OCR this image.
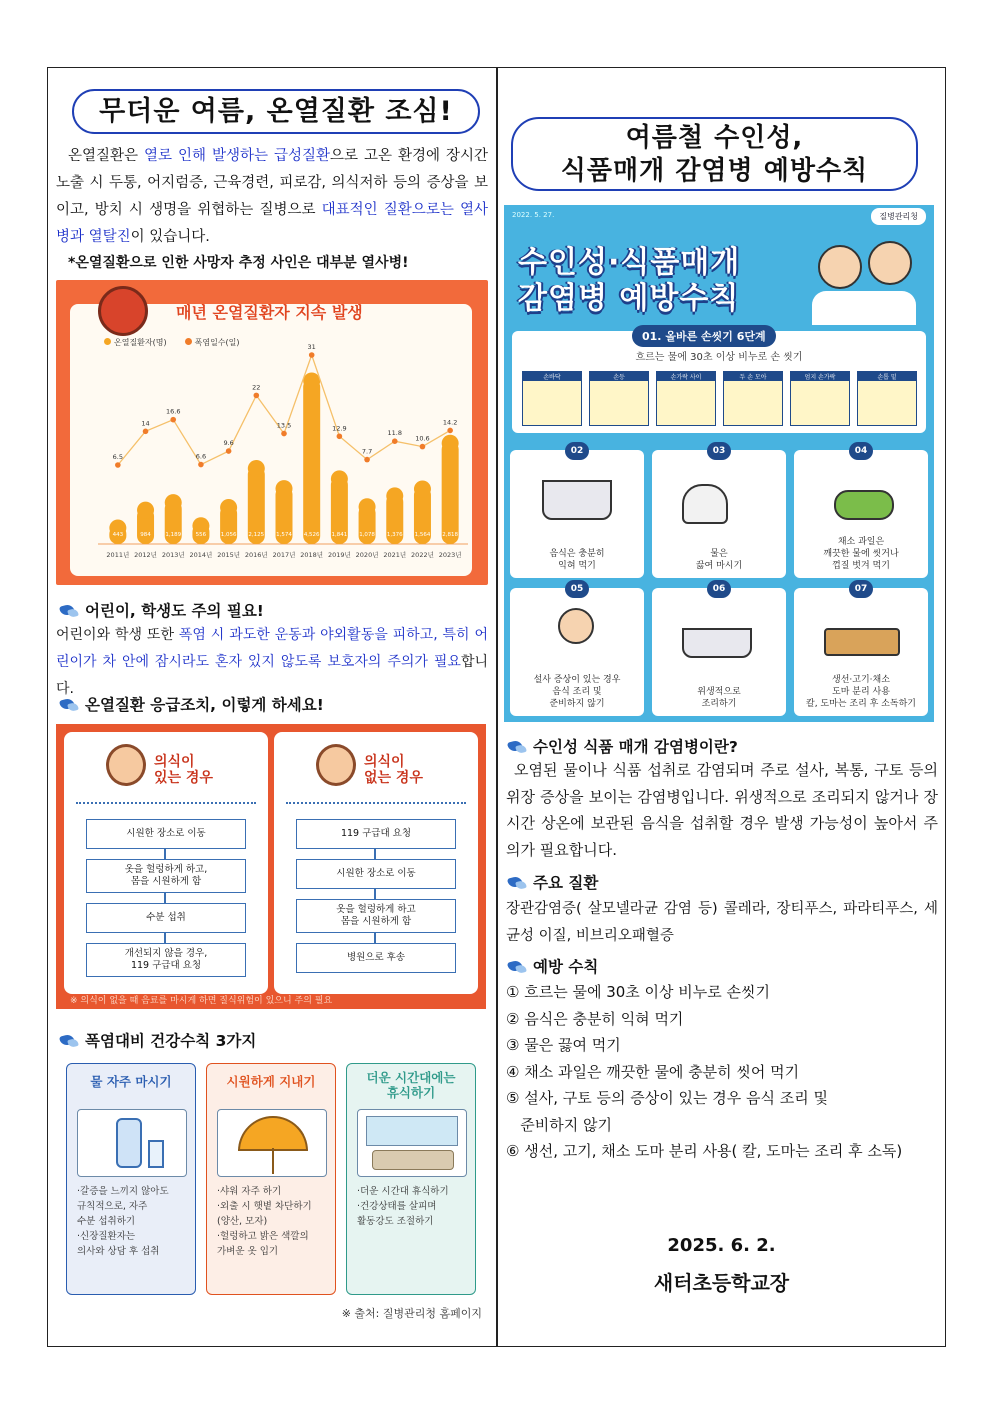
무더운 여름, 온열질환 조심!
온열질환은 열로 인해 발생하는 급성질환으로 고온 환경에 장시간 노출 시 두통, 어지럼증, 근육경련, 피로감, 의식저하 등의 증상을 보이고, 방치 시 생명을 위협하는 질병으로 대표적인 질환으로는 열사병과 열탈진이 있습니다.
*온열질환으로 인한 사망자 추정 사인은 대부분 열사병!
매년 온열질환자 지속 발생
온열질환자(명)	폭염일수(일)
443
2011년
984
2012년
1,189
2013년
556
2014년
1,056
2015년
2,125
2016년
1,574
2017년
4,526
2018년
1,841
2019년
1,078
2020년
1,376
2021년
1,564
2022년
2,818
2023년
6.5
14
16.6
6.6
9.6
22
13.5
31
12.9
7.7
11.8
10.6
14.2
어린이, 학생도 주의 필요!
어린이와 학생 또한 폭염 시 과도한 운동과 야외활동을 피하고, 특히 어린이가 차 안에 잠시라도 혼자 있지 않도록 보호자의 주의가 필요합니다.
온열질환 응급조치, 이렇게 하세요!
의식이
있는 경우
시원한 장소로 이동
옷을 헐렁하게 하고,
몸을 시원하게 함
수분 섭취
개선되지 않을 경우,
119 구급대 요청
의식이
없는 경우
119 구급대 요청
시원한 장소로 이동
옷을 헐렁하게 하고
몸을 시원하게 함
병원으로 후송
※ 의식이 없을 때 음료를 마시게 하면 질식위험이 있으니 주의 필요
폭염대비 건강수칙 3가지
물 자주 마시기
·갈증을 느끼지 않아도
규칙적으로, 자주
수분 섭취하기
·신장질환자는
의사와 상담 후 섭취
시원하게 지내기
·샤워 자주 하기
·외출 시 햇볕 차단하기
(양산, 모자)
·헐렁하고 밝은 색깔의
가벼운 옷 입기
더운 시간대에는
휴식하기
·더운 시간대 휴식하기
·건강상태를 살피며
활동강도 조절하기
※ 출처: 질병관리청 홈페이지
여름철 수인성,
식품매개 감염병 예방수칙
2022. 5. 27.	질병관리청
수인성·식품매개
감염병 예방수칙
01. 올바른 손씻기 6단계
흐르는 물에 30초 이상 비누로 손 씻기
손바닥	손등	손가락 사이	두 손 모아	엄지 손가락	손톱 밑
02
음식은 충분히
익혀 먹기
03
물은
끓여 마시기
04
채소 과일은
깨끗한 물에 씻거나
껍질 벗겨 먹기
05
설사 증상이 있는 경우
음식 조리 및
준비하지 않기
06
위생적으로
조리하기
07
생선·고기·채소
도마 분리 사용
칼, 도마는 조리 후 소독하기
수인성 식품 매개 감염병이란?
오염된 물이나 식품 섭취로 감염되며 주로 설사, 복통, 구토 등의 위장 증상을 보이는 감염병입니다. 위생적으로 조리되지 않거나 장시간 상온에 보관된 음식을 섭취할 경우 발생 가능성이 높아서 주의가 필요합니다.
주요 질환
장관감염증( 살모넬라균 감염 등) 콜레라, 장티푸스, 파라티푸스, 세균성 이질, 비브리오패혈증
예방 수칙
① 흐르는 물에 30초 이상 비누로 손씻기
② 음식은 충분히 익혀 먹기
③ 물은 끓여 먹기
④ 채소 과일은 깨끗한 물에 충분히 씻어 먹기
⑤ 설사, 구토 등의 증상이 있는 경우 음식 조리 및
준비하지 않기
⑥ 생선, 고기, 채소 도마 분리 사용( 칼, 도마는 조리 후 소독)
2025. 6. 2.
새터초등학교장
